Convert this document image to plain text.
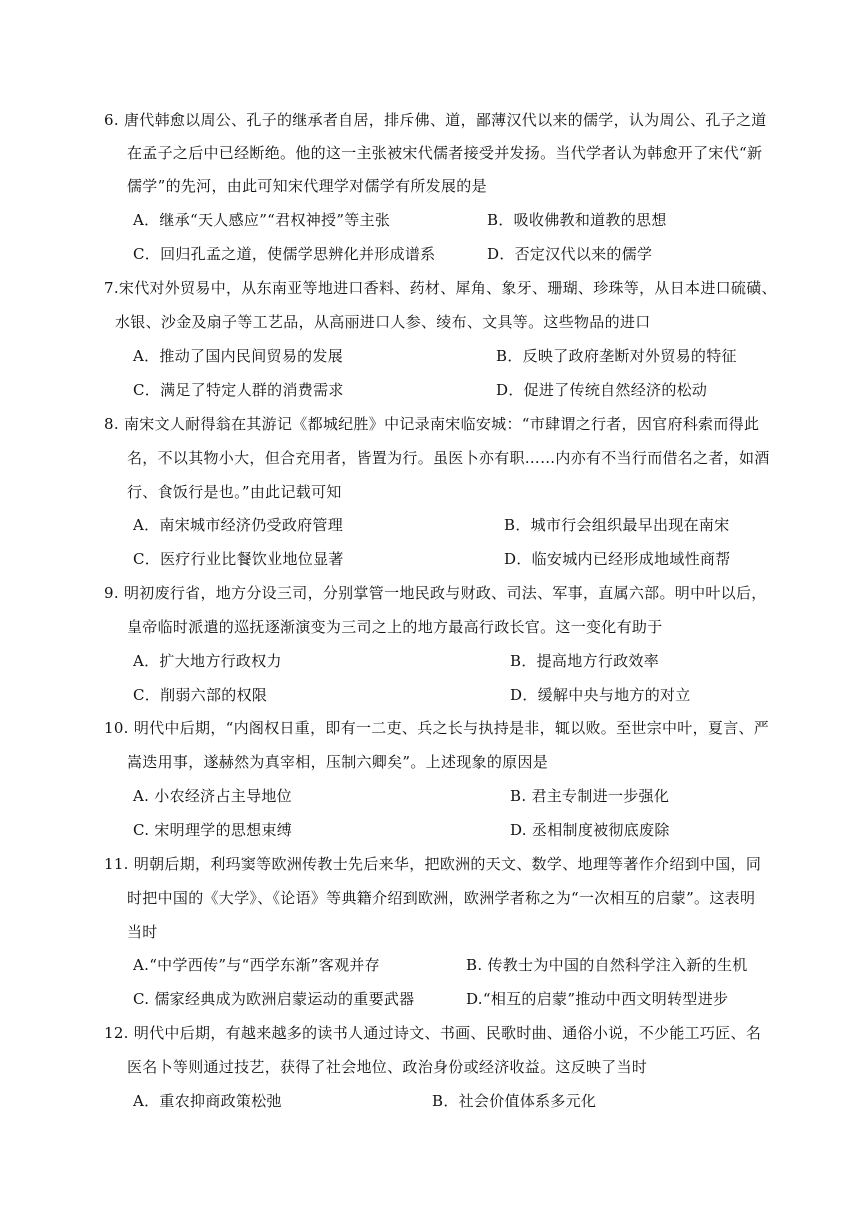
6. 唐代韩愈以周公、孔子的继承者自居，排斥佛、道，鄙薄汉代以来的儒学，认为周公、孔子之道
在孟子之后中已经断绝。他的这一主张被宋代儒者接受并发扬。当代学者认为韩愈开了宋代“新
儒学”的先河，由此可知宋代理学对儒学有所发展的是
A．继承“天人感应”“君权神授”等主张	B．吸收佛教和道教的思想
C．回归孔孟之道，使儒学思辨化并形成谱系	D．否定汉代以来的儒学
7.宋代对外贸易中，从东南亚等地进口香料、药材、犀角、象牙、珊瑚、珍珠等，从日本进口硫磺、
水银、沙金及扇子等工艺品，从高丽进口人参、绫布、文具等。这些物品的进口
A．推动了国内民间贸易的发展	B．反映了政府垄断对外贸易的特征
C．满足了特定人群的消费需求	D．促进了传统自然经济的松动
8. 南宋文人耐得翁在其游记《都城纪胜》中记录南宋临安城：“市肆谓之行者，因官府科索而得此
名，不以其物小大，但合充用者，皆置为行。虽医卜亦有职……内亦有不当行而借名之者，如酒
行、食饭行是也。”由此记载可知
A．南宋城市经济仍受政府管理	B．城市行会组织最早出现在南宋
C．医疗行业比餐饮业地位显著	D．临安城内已经形成地域性商帮
9. 明初废行省，地方分设三司，分别掌管一地民政与财政、司法、军事，直属六部。明中叶以后，
皇帝临时派遣的巡抚逐渐演变为三司之上的地方最高行政长官。这一变化有助于
A．扩大地方行政权力	B．提高地方行政效率
C．削弱六部的权限	D．缓解中央与地方的对立
10. 明代中后期，“内阁权日重，即有一二吏、兵之长与执持是非，辄以败。至世宗中叶，夏言、严
嵩迭用事，遂赫然为真宰相，压制六卿矣”。上述现象的原因是
A. 小农经济占主导地位	B. 君主专制进一步强化
C. 宋明理学的思想束缚	D. 丞相制度被彻底废除
11. 明朝后期，利玛窦等欧洲传教士先后来华，把欧洲的天文、数学、地理等著作介绍到中国，同
时把中国的《大学》、《论语》等典籍介绍到欧洲，欧洲学者称之为“一次相互的启蒙”。这表明
当时
A.“中学西传”与“西学东渐”客观并存	B. 传教士为中国的自然科学注入新的生机
C. 儒家经典成为欧洲启蒙运动的重要武器	D.“相互的启蒙”推动中西文明转型进步
12. 明代中后期，有越来越多的读书人通过诗文、书画、民歌时曲、通俗小说，不少能工巧匠、名
医名卜等则通过技艺，获得了社会地位、政治身份或经济收益。这反映了当时
A．重农抑商政策松弛	B．社会价值体系多元化
